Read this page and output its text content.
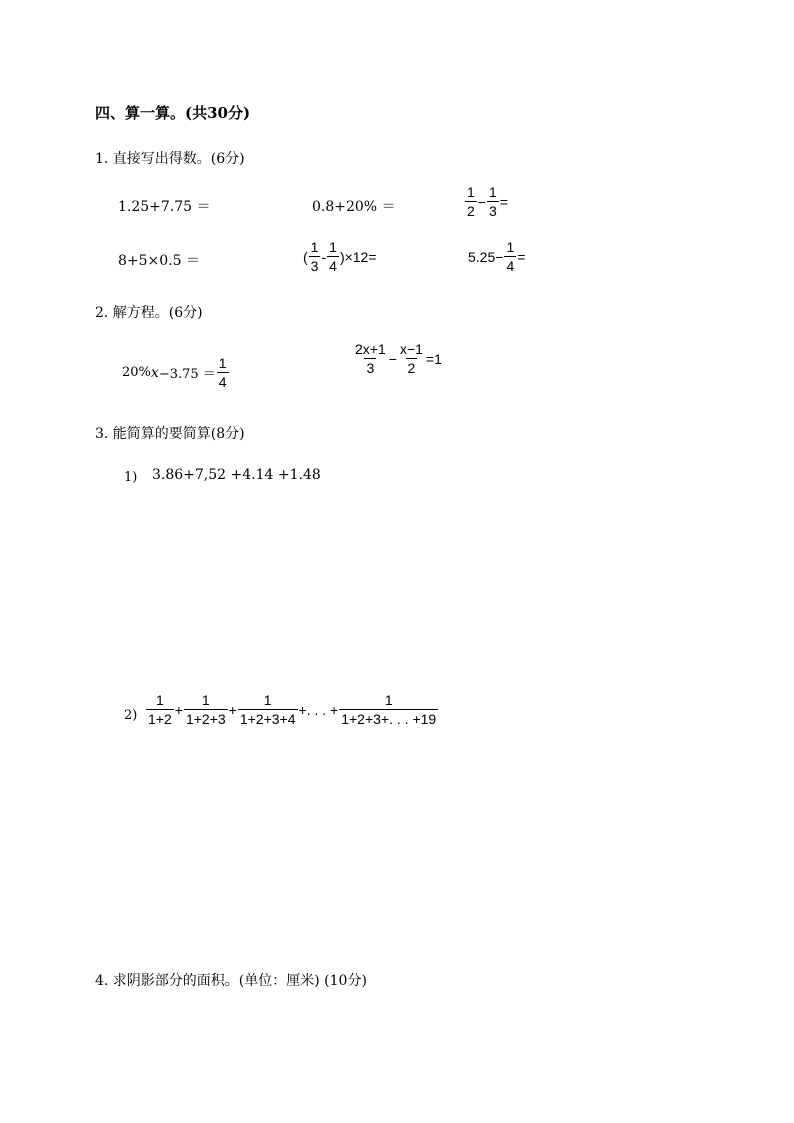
四、算一算。(共30分)
1. 直接写出得数。(6分)
1.25+7.75 ＝	0.8+20% ＝	$\frac{1}{2} - \frac{1}{3}$ =
8+5×0.5 ＝	( $\frac{1}{3} - \frac{1}{4} )\times 12=$	$5.25- \frac{1}{4}$ =
2. 解方程。(6分)
20% $x -3.75 = \frac{1}{4}$	$\frac{2x+1}{3} - \frac{x-1}{2} =1$
3. 能简算的要简算(8分)
1) 3.86+7,52 +4.14 +1.48
$2) \frac{1}{1+2} + \frac{1}{1+2+3} + \frac{1}{1+2+3+4}$ +. . . + $\frac{1}{1+2+3+. . . +19}$
4. 求阴影部分的面积。(单位：厘米) (10分)
